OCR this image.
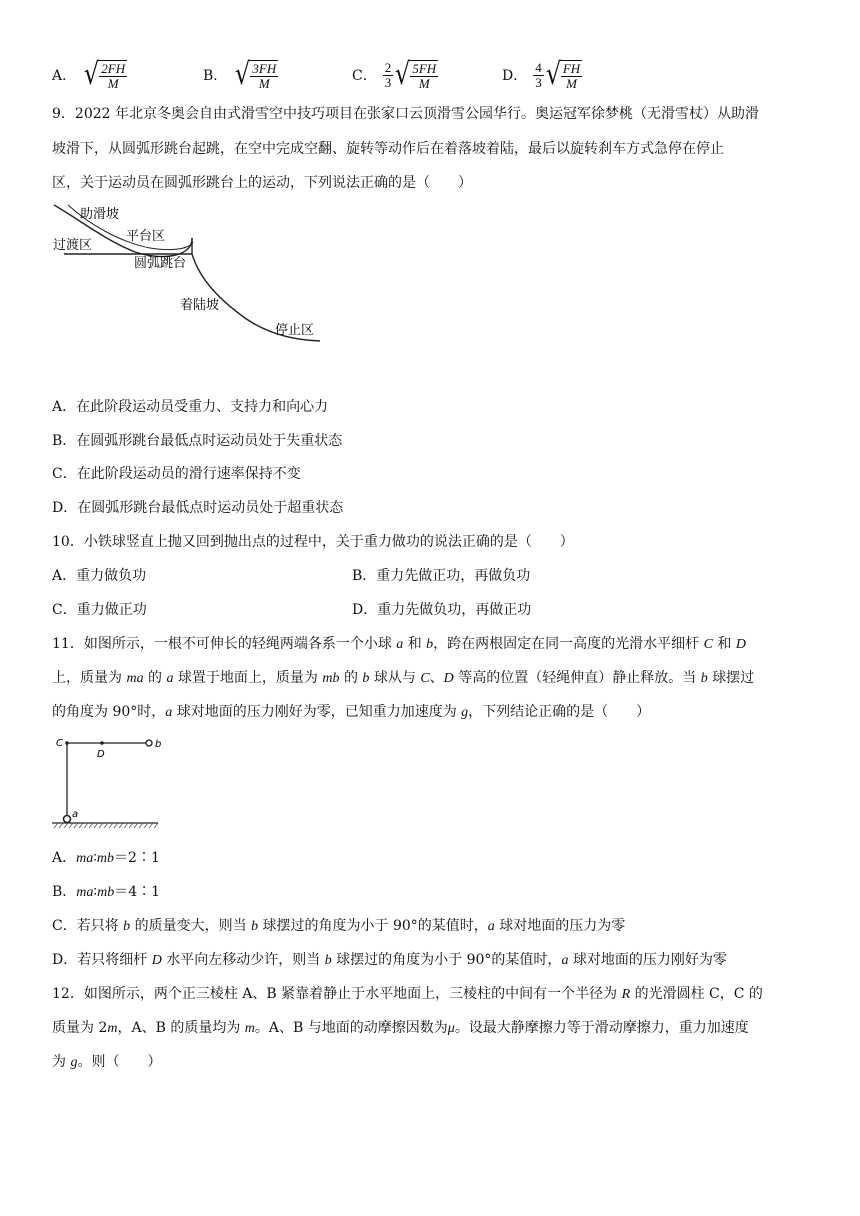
A． √ $\frac{2FH}{M}$	B． √ $\frac{3FH}{M}$	C． $\frac{2}{3}$ √ $\frac{5FH}{M}$	D． $\frac{4}{3}$ √ $\frac{FH}{M}$
9．2022 年北京冬奥会自由式滑雪空中技巧项目在张家口云顶滑雪公园华行。奥运冠军徐梦桃（无滑雪杖）从助滑
坡滑下，从圆弧形跳台起跳，在空中完成空翻、旋转等动作后在着落坡着陆，最后以旋转刹车方式急停在停止
区，关于运动员在圆弧形跳台上的运动，下列说法正确的是（　　）
助滑坡
平台区
过渡区
圆弧跳台
着陆坡
停止区
A．在此阶段运动员受重力、支持力和向心力
B．在圆弧形跳台最低点时运动员处于失重状态
C．在此阶段运动员的滑行速率保持不变
D．在圆弧形跳台最低点时运动员处于超重状态
10．小铁球竖直上抛又回到抛出点的过程中，关于重力做功的说法正确的是（　　）
A．重力做负功	B．重力先做正功，再做负功
C．重力做正功	D．重力先做负功，再做正功
11．如图所示，一根不可伸长的轻绳两端各系一个小球 a 和 b，跨在两根固定在同一高度的光滑水平细杆 C 和 D
上，质量为 ma 的 a 球置于地面上，质量为 mb 的 b 球从与 C、D 等高的位置（轻绳伸直）静止释放。当 b 球摆过
的角度为 90°时，a 球对地面的压力刚好为零，已知重力加速度为 g，下列结论正确的是（　　）
C
D
b
a
A．ma∶mb＝2∶1
B．ma∶mb＝4∶1
C．若只将 b 的质量变大，则当 b 球摆过的角度为小于 90°的某值时，a 球对地面的压力为零
D．若只将细杆 D 水平向左移动少许，则当 b 球摆过的角度为小于 90°的某值时，a 球对地面的压力刚好为零
12．如图所示，两个正三棱柱 A、B 紧靠着静止于水平地面上，三棱柱的中间有一个半径为 R 的光滑圆柱 C，C 的
质量为 2m，A、B 的质量均为 m。A、B 与地面的动摩擦因数为μ。设最大静摩擦力等于滑动摩擦力，重力加速度
为 g。则（　　）
